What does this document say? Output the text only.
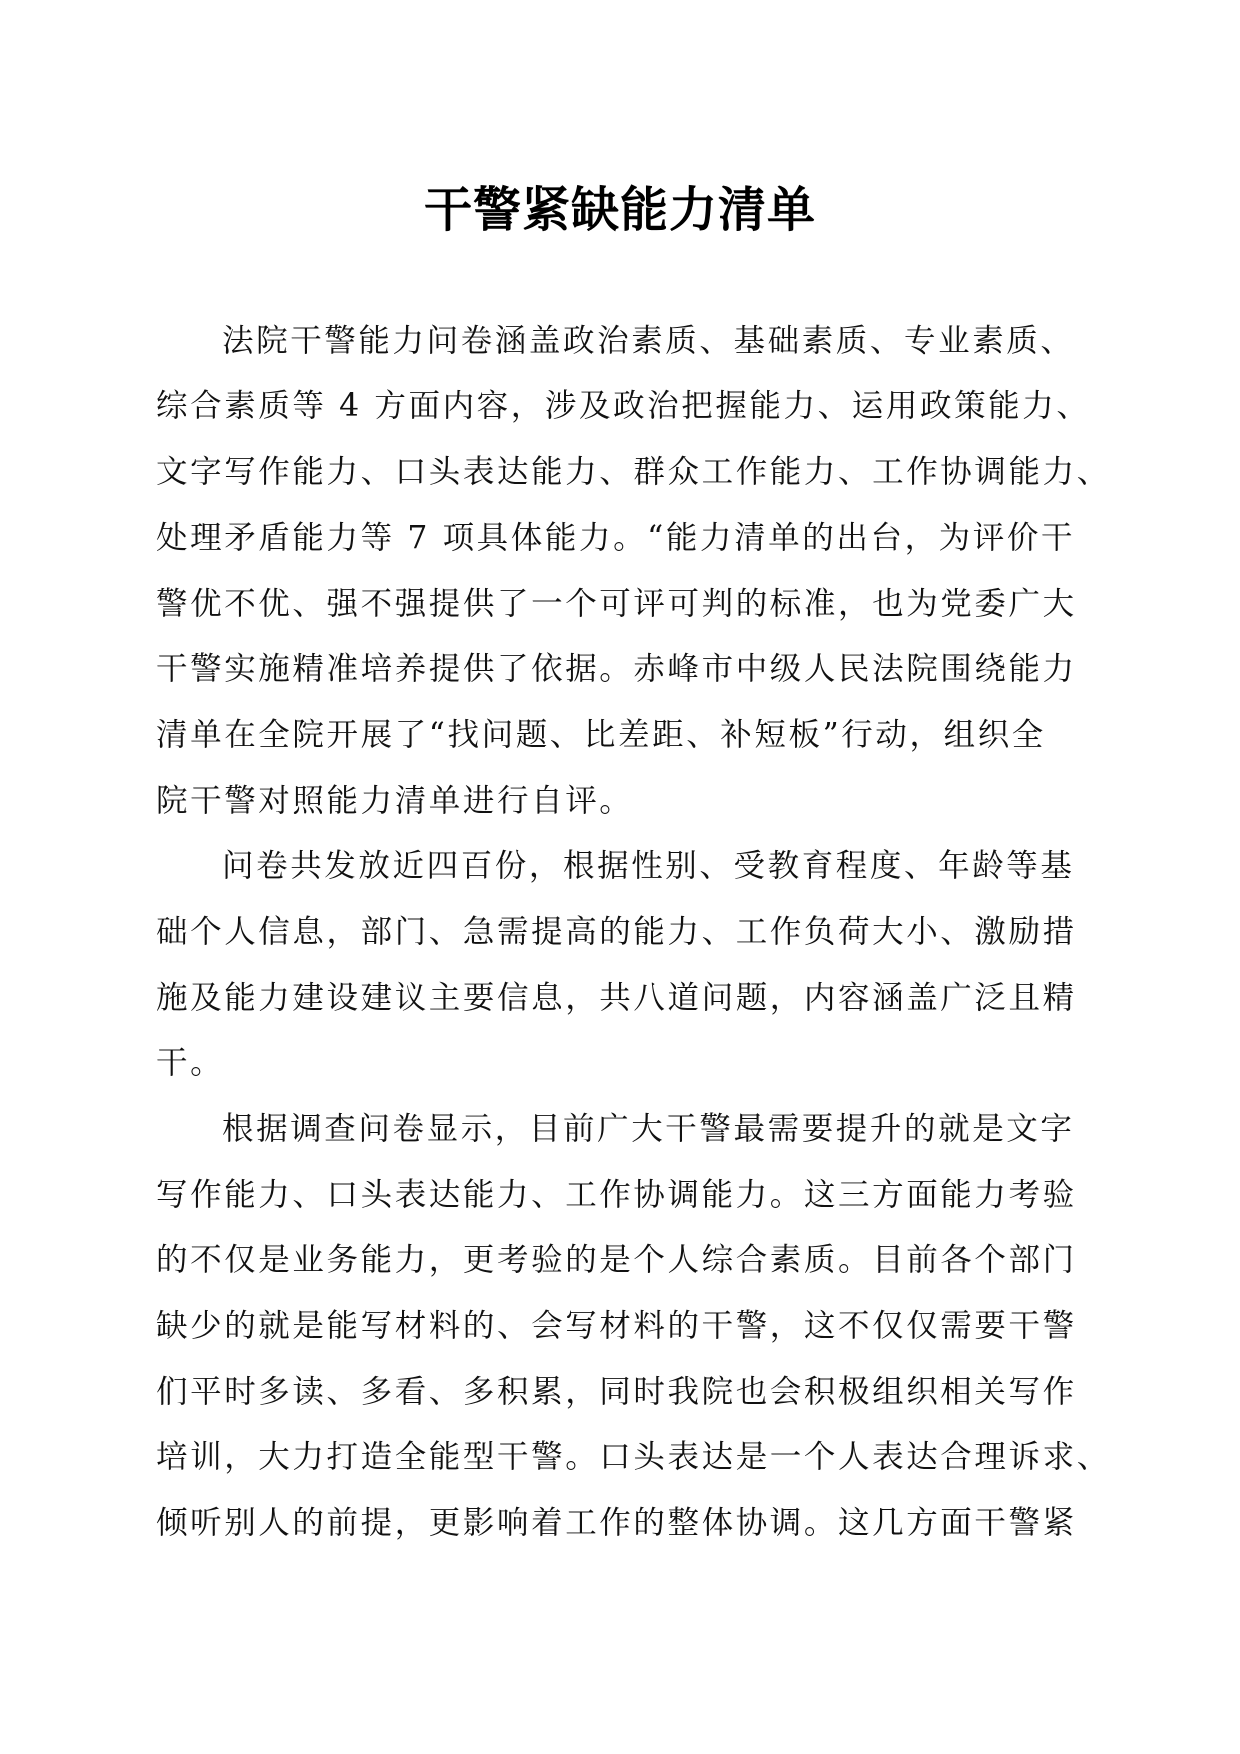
干警紧缺能力清单
法院干警能力问卷涵盖政治素质、基础素质、专业素质、
综合素质等 4 方面内容，涉及政治把握能力、运用政策能力、
文字写作能力、口头表达能力、群众工作能力、工作协调能力、
处理矛盾能力等 7 项具体能力。“能力清单的出台，为评价干
警优不优、强不强提供了一个可评可判的标准，也为党委广大
干警实施精准培养提供了依据。赤峰市中级人民法院围绕能力
清单在全院开展了“找问题、比差距、补短板”行动，组织全
院干警对照能力清单进行自评。
问卷共发放近四百份，根据性别、受教育程度、年龄等基
础个人信息，部门、急需提高的能力、工作负荷大小、激励措
施及能力建设建议主要信息，共八道问题，内容涵盖广泛且精
干。
根据调查问卷显示，目前广大干警最需要提升的就是文字
写作能力、口头表达能力、工作协调能力。这三方面能力考验
的不仅是业务能力，更考验的是个人综合素质。目前各个部门
缺少的就是能写材料的、会写材料的干警，这不仅仅需要干警
们平时多读、多看、多积累，同时我院也会积极组织相关写作
培训，大力打造全能型干警。口头表达是一个人表达合理诉求、
倾听别人的前提，更影响着工作的整体协调。这几方面干警紧
